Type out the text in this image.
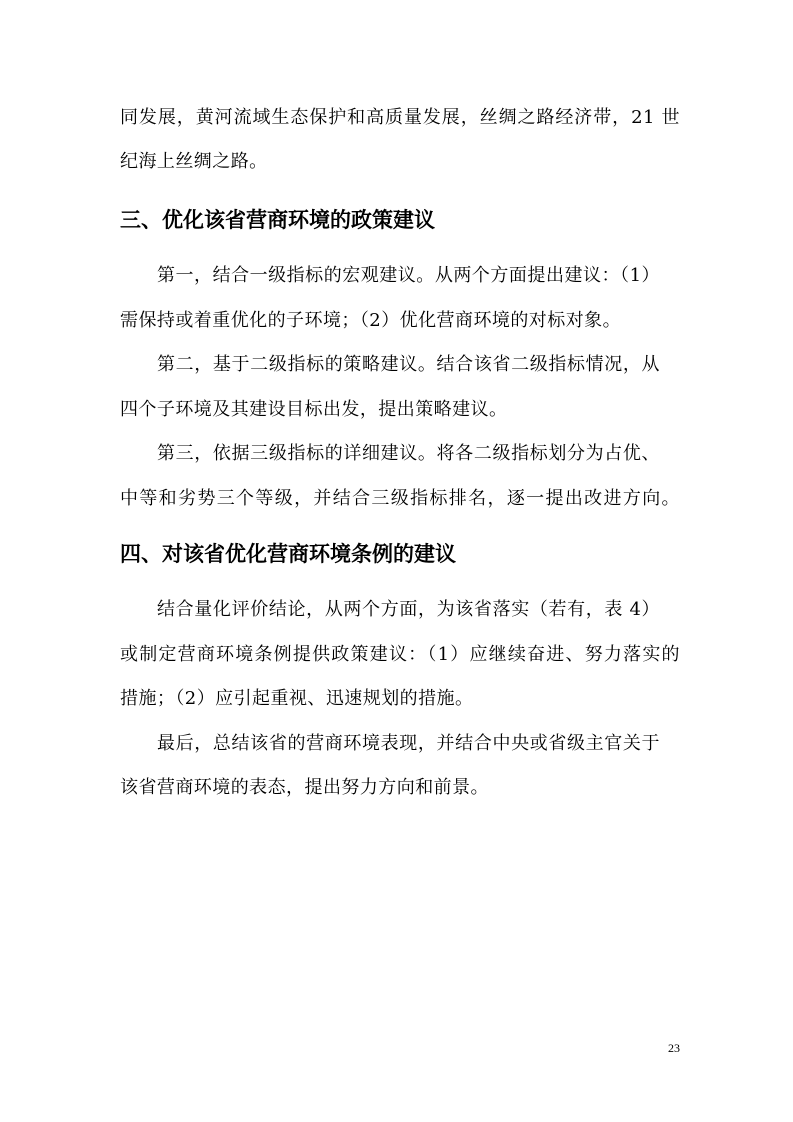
同发展，黄河流域生态保护和高质量发展，丝绸之路经济带，21 世
纪海上丝绸之路。
三、优化该省营商环境的政策建议
第一，结合一级指标的宏观建议。从两个方面提出建议：（1）
需保持或着重优化的子环境；（2）优化营商环境的对标对象。
第二，基于二级指标的策略建议。结合该省二级指标情况，从
四个子环境及其建设目标出发，提出策略建议。
第三，依据三级指标的详细建议。将各二级指标划分为占优、
中等和劣势三个等级，并结合三级指标排名，逐一提出改进方向。
四、对该省优化营商环境条例的建议
结合量化评价结论，从两个方面，为该省落实（若有，表 4）
或制定营商环境条例提供政策建议：（1）应继续奋进、努力落实的
措施；（2）应引起重视、迅速规划的措施。
最后，总结该省的营商环境表现，并结合中央或省级主官关于
该省营商环境的表态，提出努力方向和前景。
23
